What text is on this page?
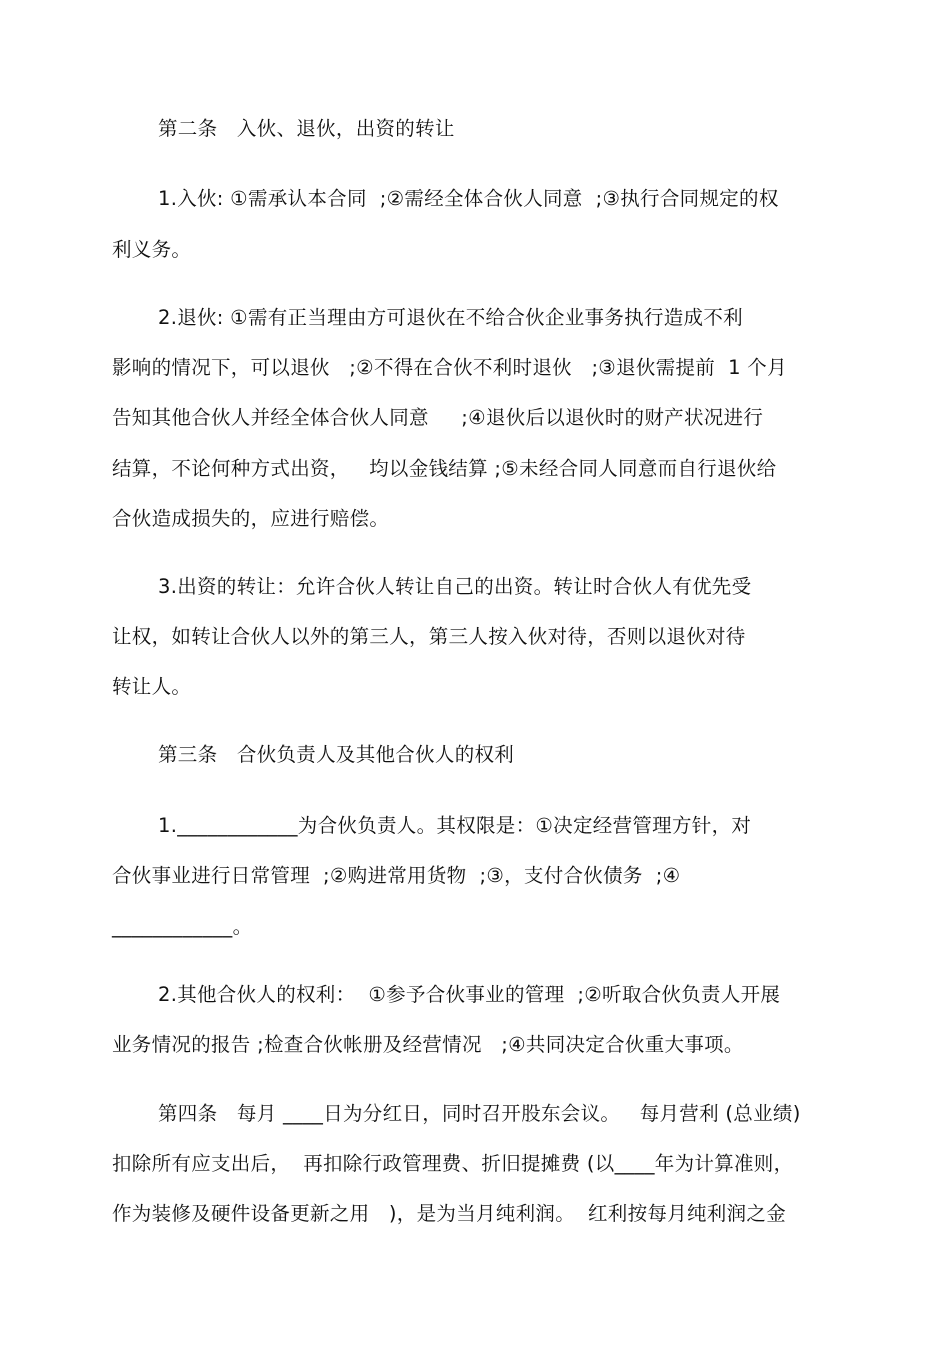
第二条   入伙、退伙，出资的转让
1.入伙: ①需承认本合同  ;②需经全体合伙人同意  ;③执行合同规定的权
利义务。
2.退伙: ①需有正当理由方可退伙在不给合伙企业事务执行造成不利
影响的情况下，可以退伙   ;②不得在合伙不利时退伙   ;③退伙需提前  1 个月
告知其他合伙人并经全体合伙人同意     ;④退伙后以退伙时的财产状况进行
结算，不论何种方式出资，   均以金钱结算 ;⑤未经合同人同意而自行退伙给
合伙造成损失的，应进行赔偿。
3.出资的转让：允许合伙人转让自己的出资。转让时合伙人有优先受
让权，如转让合伙人以外的第三人，第三人按入伙对待，否则以退伙对待
转让人。
第三条   合伙负责人及其他合伙人的权利
1.____________为合伙负责人。其权限是：①决定经营管理方针，对
合伙事业进行日常管理  ;②购进常用货物  ;③，支付合伙债务  ;④
____________。
2.其他合伙人的权利：  ①参予合伙事业的管理  ;②听取合伙负责人开展
业务情况的报告 ;检查合伙帐册及经营情况   ;④共同决定合伙重大事项。
第四条   每月 ____日为分红日，同时召开股东会议。   每月营利 (总业绩)
扣除所有应支出后，  再扣除行政管理费、折旧提摊费 (以____年为计算准则，
作为装修及硬件设备更新之用   )，是为当月纯利润。  红利按每月纯利润之金
